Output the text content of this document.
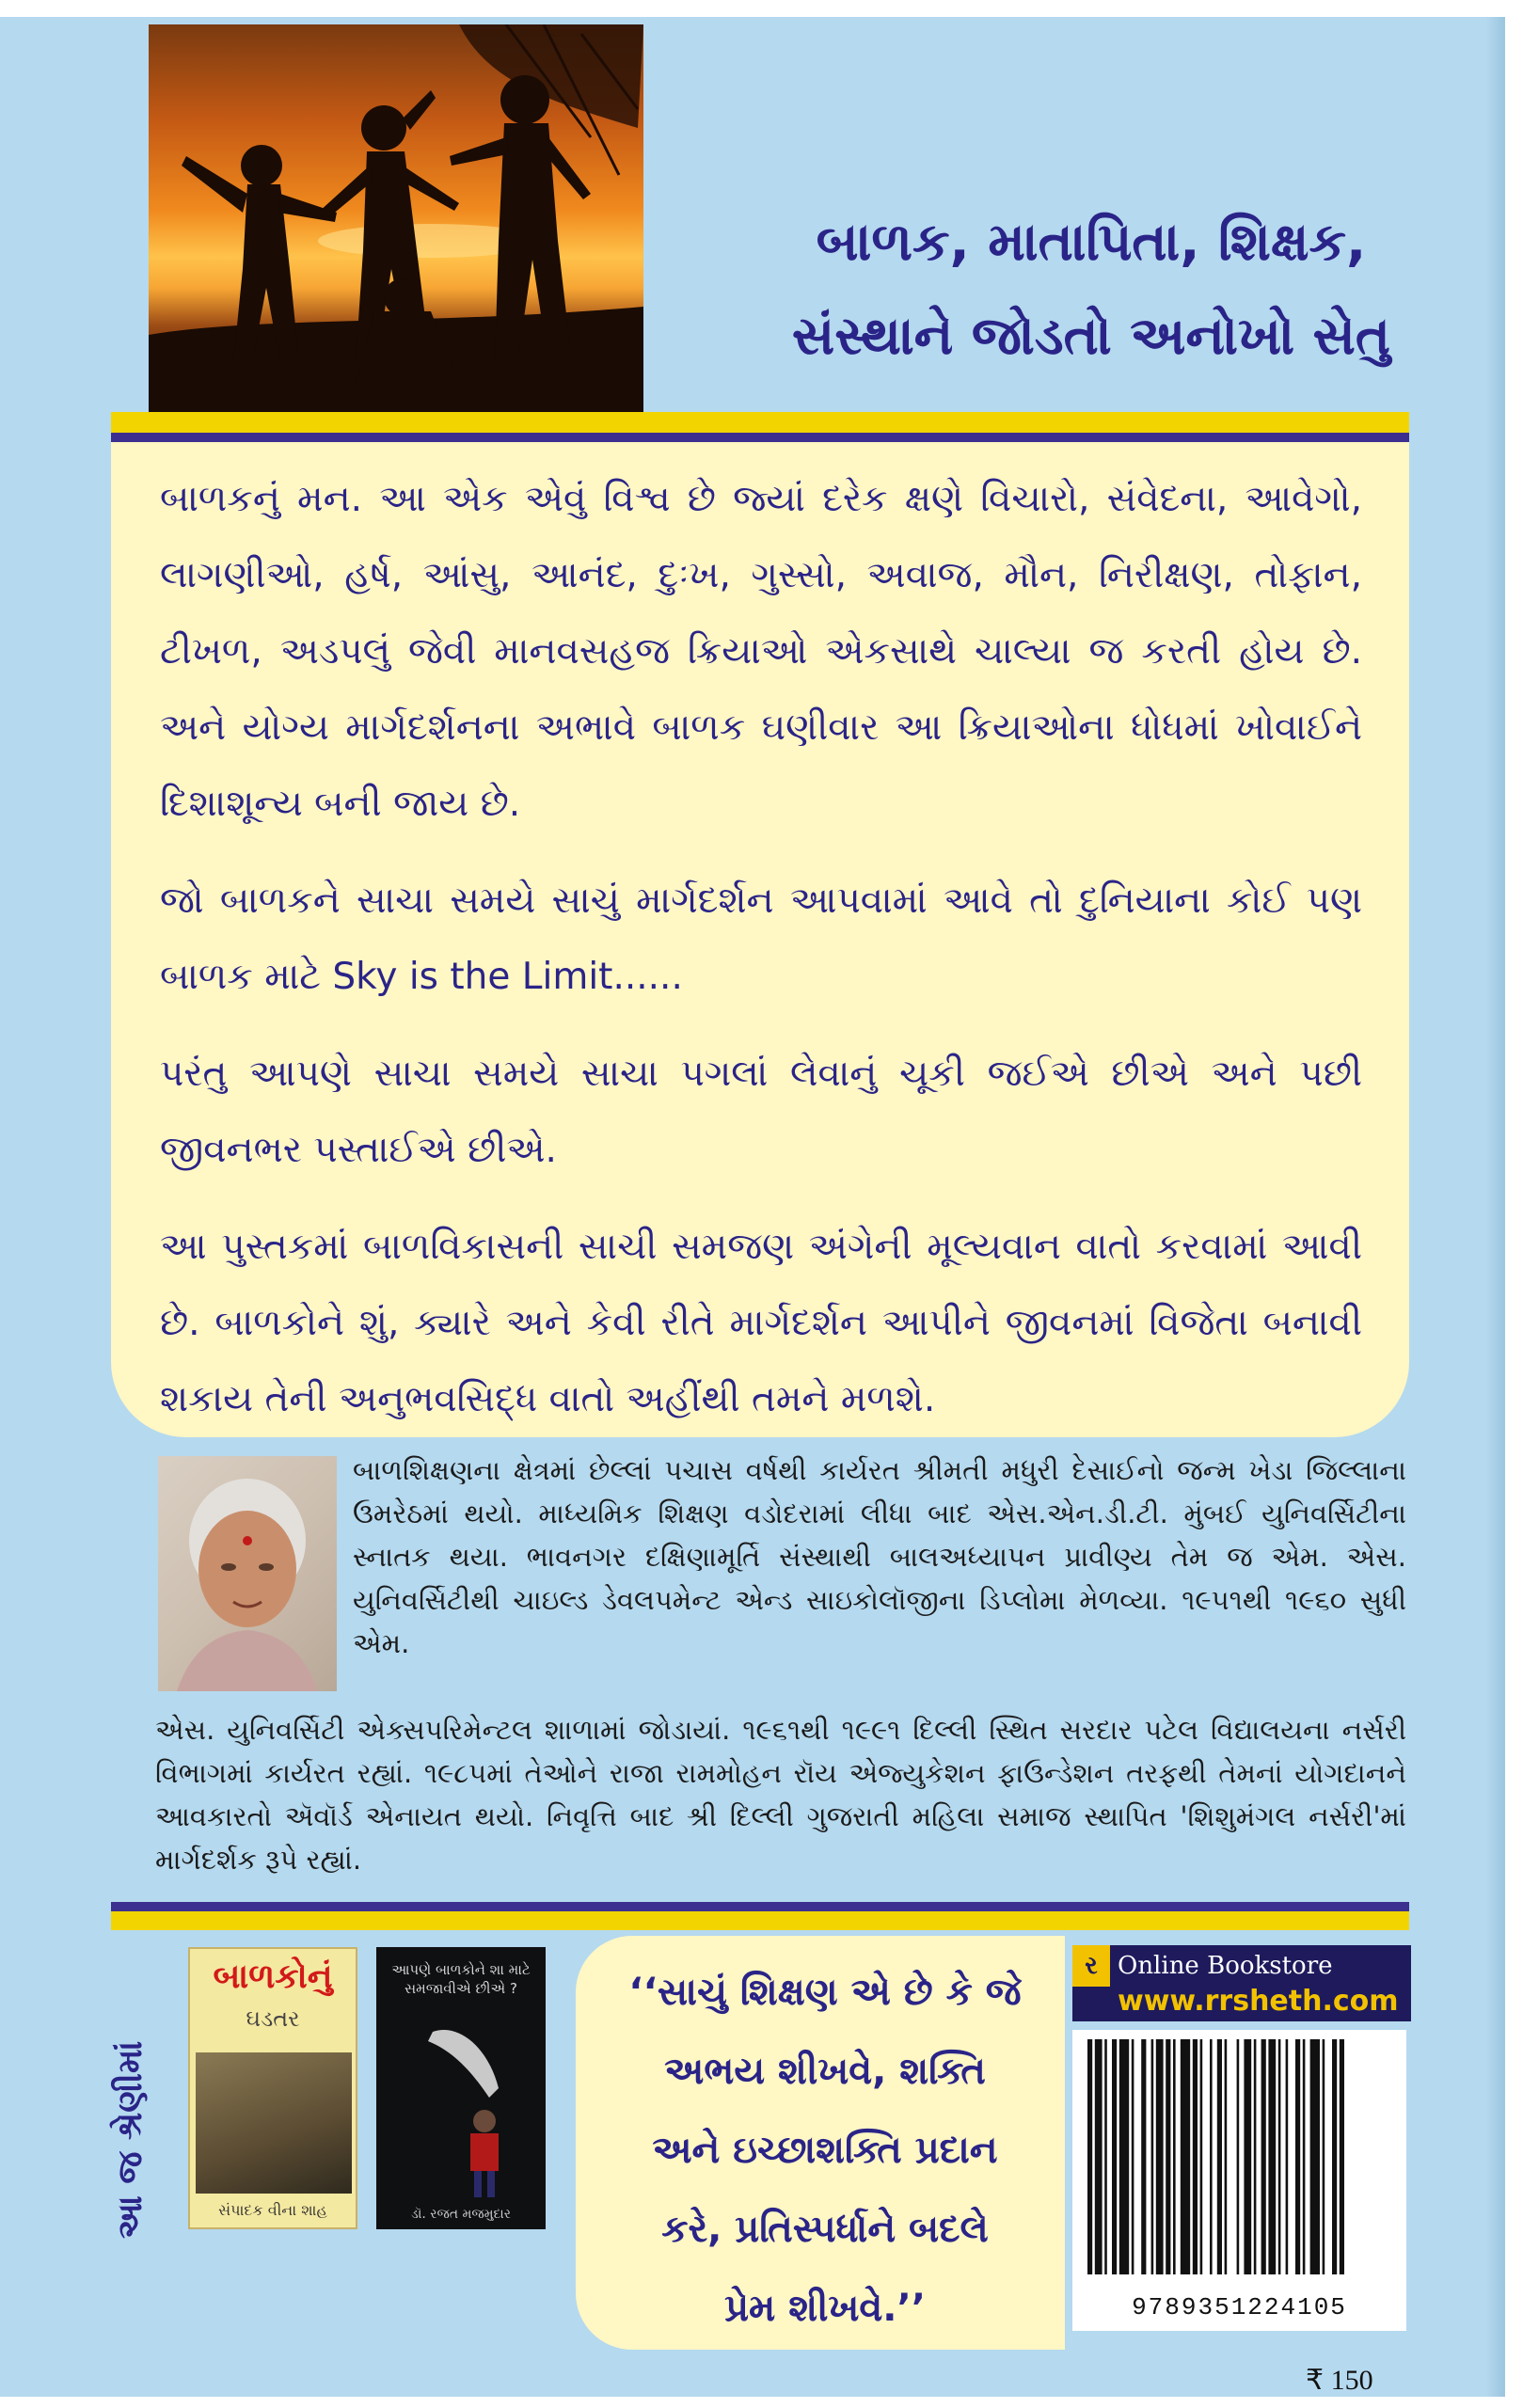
બાળક, માતાપિતા, શિક્ષક,
સંસ્થાને જોડતો અનોખો સેતુ

બાળકનું મન. આ એક એવું વિશ્વ છે જ્યાં દરેક ક્ષણે વિચારો, સંવેદના, આવેગો, લાગણીઓ, હર્ષ, આંસુ, આનંદ, દુઃખ, ગુસ્સો, અવાજ, મૌન, નિરીક્ષણ, તોફાન, ટીખળ, અડપલું જેવી માનવસહજ ક્રિયાઓ એકસાથે ચાલ્યા જ કરતી હોય છે. અને યોગ્ય માર્ગદર્શનના અભાવે બાળક ઘણીવાર આ ક્રિયાઓના ધોધમાં ખોવાઈને દિશાશૂન્ય બની જાય છે.

જો બાળકને સાચા સમયે સાચું માર્ગદર્શન આપવામાં આવે તો દુનિયાના કોઈ પણ બાળક માટે Sky is the Limit......

પરંતુ આપણે સાચા સમયે સાચા પગલાં લેવાનું ચૂકી જઈએ છીએ અને પછી જીવનભર પસ્તાઈએ છીએ.

આ પુસ્તકમાં બાળવિકાસની સાચી સમજણ અંગેની મૂલ્યવાન વાતો કરવામાં આવી છે. બાળકોને શું, ક્યારે અને કેવી રીતે માર્ગદર્શન આપીને જીવનમાં વિજેતા બનાવી શકાય તેની અનુભવસિદ્ધ વાતો અહીંથી તમને મળશે.

બાળશિક્ષણના ક્ષેત્રમાં છેલ્લાં પચાસ વર્ષથી કાર્યરત શ્રીમતી મધુરી દેસાઈનો જન્મ ખેડા જિલ્લાના ઉમરેઠમાં થયો. માધ્યમિક શિક્ષણ વડોદરામાં લીધા બાદ એસ.એન.ડી.ટી. મુંબઈ યુનિવર્સિટીના સ્નાતક થયા. ભાવનગર દક્ષિણામૂર્તિ સંસ્થાથી બાલઅધ્યાપન પ્રાવીણ્ય તેમ જ એમ. એસ. યુનિવર્સિટીથી ચાઇલ્ડ ડેવલપમેન્ટ એન્ડ સાઇકોલૉજીના ડિપ્લોમા મેળવ્યા. ૧૯૫૧થી ૧૯૬૦ સુધી એમ.
એસ. યુનિવર્સિટી એક્સપરિમેન્ટલ શાળામાં જોડાયાં. ૧૯૬૧થી ૧૯૯૧ દિલ્લી સ્થિત સરદાર પટેલ વિદ્યાલયના નર્સરી વિભાગમાં કાર્યરત રહ્યાં. ૧૯૮૫માં તેઓને રાજા રામમોહન રૉય એજ્યુકેશન ફાઉન્ડેશન તરફથી તેમનાં યોગદાનને આવકારતો ઍવૉર્ડ એનાયત થયો. નિવૃત્તિ બાદ શ્રી દિલ્લી ગુજરાતી મહિલા સમાજ સ્થાપિત 'શિશુમંગલ નર્સરી'માં માર્ગદર્શક રૂપે રહ્યાં.
આ જ શ્રેણીમાં
બાળકોનું
ઘડતર
સંપાદક વીના શાહ
આપણે બાળકોને શા માટે સમજાવીએ છીએ ?
ડૉ. રજત મજમુદાર
‘‘સાચું શિક્ષણ એ છે કે જે
અભય શીખવે, શક્તિ
અને ઇચ્છાશક્તિ પ્રદાન
કરે, પ્રતિસ્પર્ધાને બદલે
પ્રેમ શીખવે.’’
ર Online Bookstore
www.rrsheth.com
9789351224105
₹ 150
